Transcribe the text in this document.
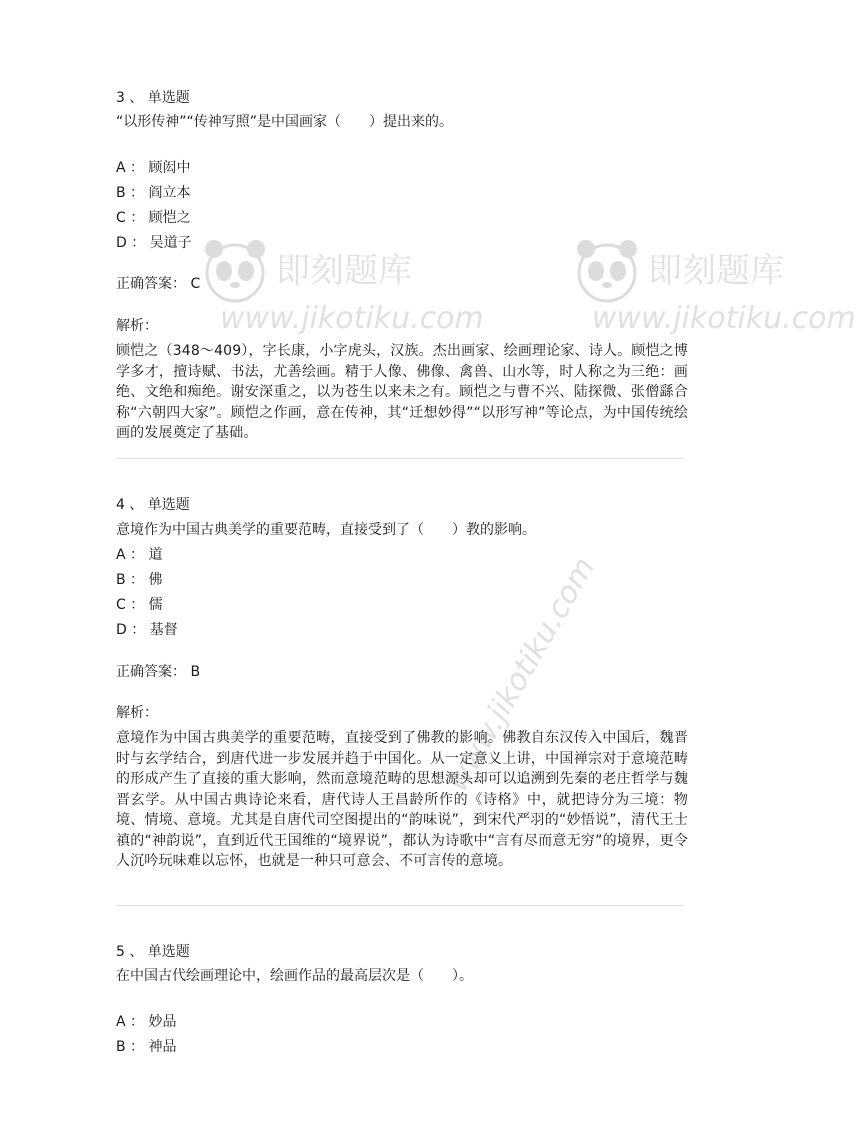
即刻题库
www.jikotiku.com
即刻题库
www.jikotiku.com
www.jikotiku.com
3 、 单选题
“以形传神”“传神写照”是中国画家（　　）提出来的。
A ： 顾闳中
B ： 阎立本
C ： 顾恺之
D ： 吴道子
正确答案： C
解析：
顾恺之（348～409），字长康，小字虎头，汉族。杰出画家、绘画理论家、诗人。顾恺之博学多才，擅诗赋、书法，尤善绘画。精于人像、佛像、禽兽、山水等，时人称之为三绝：画绝、文绝和痴绝。谢安深重之，以为苍生以来未之有。顾恺之与曹不兴、陆探微、张僧繇合称“六朝四大家”。顾恺之作画，意在传神，其“迁想妙得”“以形写神”等论点，为中国传统绘画的发展奠定了基础。
4 、 单选题
意境作为中国古典美学的重要范畴，直接受到了（　　）教的影响。
A ： 道
B ： 佛
C ： 儒
D ： 基督
正确答案： B
解析：
意境作为中国古典美学的重要范畴，直接受到了佛教的影响。佛教自东汉传入中国后，魏晋时与玄学结合，到唐代进一步发展并趋于中国化。从一定意义上讲，中国禅宗对于意境范畴的形成产生了直接的重大影响，然而意境范畴的思想源头却可以追溯到先秦的老庄哲学与魏晋玄学。从中国古典诗论来看，唐代诗人王昌龄所作的《诗格》中，就把诗分为三境：物境、情境、意境。尤其是自唐代司空图提出的“韵味说”，到宋代严羽的“妙悟说”，清代王士禛的“神韵说”，直到近代王国维的“境界说”，都认为诗歌中“言有尽而意无穷”的境界，更令人沉吟玩味难以忘怀，也就是一种只可意会、不可言传的意境。
5 、 单选题
在中国古代绘画理论中，绘画作品的最高层次是（　　）。
A ： 妙品
B ： 神品
